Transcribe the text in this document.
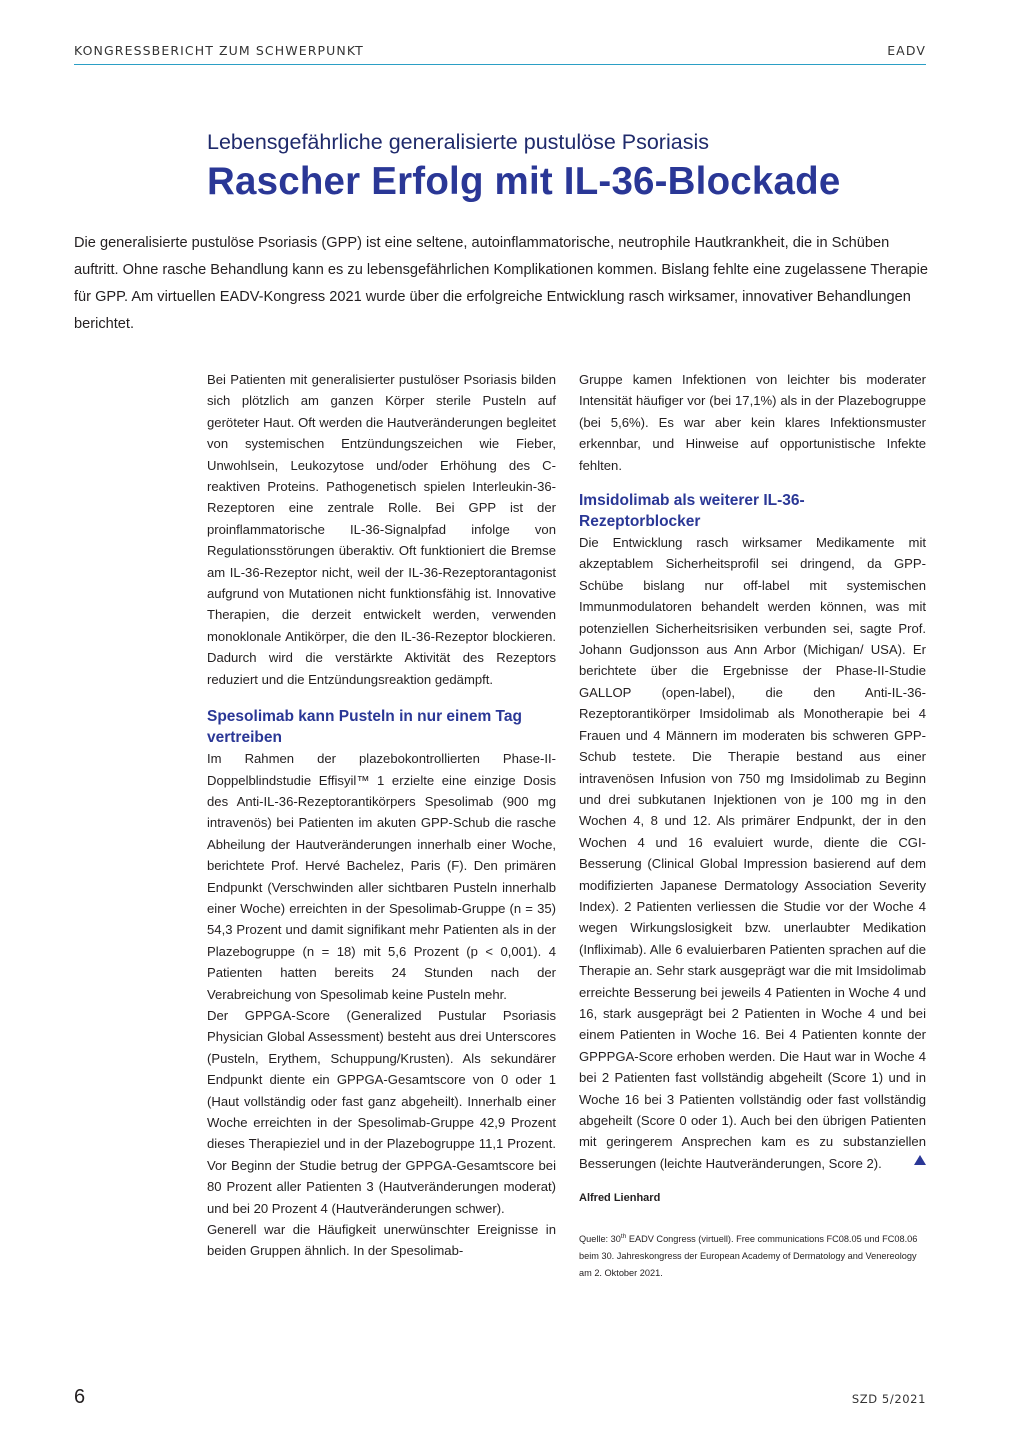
KONGRESSBERICHT ZUM SCHWERPUNKT	EADV
Lebensgefährliche generalisierte pustulöse Psoriasis
Rascher Erfolg mit IL-36-Blockade
Die generalisierte pustulöse Psoriasis (GPP) ist eine seltene, autoinflammatorische, neutrophile Hautkrankheit, die in Schüben auftritt. Ohne rasche Behandlung kann es zu lebensgefährlichen Komplikationen kommen. Bislang fehlte eine zugelassene Therapie für GPP. Am virtuellen EADV-Kongress 2021 wurde über die erfolgreiche Entwicklung rasch wirksamer, innovativer Behandlungen berichtet.

Bei Patienten mit generalisierter pustulöser Psoriasis bilden sich plötzlich am ganzen Körper sterile Pusteln auf geröteter Haut. Oft werden die Hautveränderungen begleitet von systemischen Entzündungszeichen wie Fieber, Unwohlsein, Leukozytose und/oder Erhöhung des C-reaktiven Proteins. Pathogenetisch spielen Interleukin-36-Rezeptoren eine zentrale Rolle. Bei GPP ist der proinflammatorische IL-36-Signalpfad infolge von Regulationsstörungen überaktiv. Oft funktioniert die Bremse am IL-36-Rezeptor nicht, weil der IL-36-Rezeptorantagonist aufgrund von Mutationen nicht funktionsfähig ist. Innovative Therapien, die derzeit entwickelt werden, verwenden monoklonale Antikörper, die den IL-36-Rezeptor blockieren. Dadurch wird die verstärkte Aktivität des Rezeptors reduziert und die Entzündungsreaktion gedämpft.

Spesolimab kann Pusteln in nur einem Tag vertreiben

Im Rahmen der plazebokontrollierten Phase-II-Doppelblindstudie Effisyil™ 1 erzielte eine einzige Dosis des Anti-IL-36-Rezeptorantikörpers Spesolimab (900 mg intravenös) bei Patienten im akuten GPP-Schub die rasche Abheilung der Hautveränderungen innerhalb einer Woche, berichtete Prof. Hervé Bachelez, Paris (F). Den primären Endpunkt (Verschwinden aller sichtbaren Pusteln innerhalb einer Woche) erreichten in der Spesolimab-Gruppe (n = 35) 54,3 Prozent und damit signifikant mehr Patienten als in der Plazebogruppe (n = 18) mit 5,6 Prozent (p < 0,001). 4 Patienten hatten bereits 24 Stunden nach der Verabreichung von Spesolimab keine Pusteln mehr.

Der GPPGA-Score (Generalized Pustular Psoriasis Physician Global Assessment) besteht aus drei Unterscores (Pusteln, Erythem, Schuppung/Krusten). Als sekundärer Endpunkt diente ein GPPGA-Gesamtscore von 0 oder 1 (Haut vollständig oder fast ganz abgeheilt). Innerhalb einer Woche erreichten in der Spesolimab-Gruppe 42,9 Prozent dieses Therapieziel und in der Plazebogruppe 11,1 Prozent. Vor Beginn der Studie betrug der GPPGA-Gesamtscore bei 80 Prozent aller Patienten 3 (Hautveränderungen moderat) und bei 20 Prozent 4 (Hautveränderungen schwer).

Generell war die Häufigkeit unerwünschter Ereignisse in beiden Gruppen ähnlich. In der Spesolimab-

Gruppe kamen Infektionen von leichter bis moderater Intensität häufiger vor (bei 17,1%) als in der Plazebogruppe (bei 5,6%). Es war aber kein klares Infektionsmuster erkennbar, und Hinweise auf opportunistische Infekte fehlten.

Imsidolimab als weiterer IL-36-Rezeptorblocker

Die Entwicklung rasch wirksamer Medikamente mit akzeptablem Sicherheitsprofil sei dringend, da GPP-Schübe bislang nur off-label mit systemischen Immunmodulatoren behandelt werden können, was mit potenziellen Sicherheitsrisiken verbunden sei, sagte Prof. Johann Gudjonsson aus Ann Arbor (Michigan/ USA). Er berichtete über die Ergebnisse der Phase-II-Studie GALLOP (open-label), die den Anti-IL-36-Rezeptorantikörper Imsidolimab als Monotherapie bei 4 Frauen und 4 Männern im moderaten bis schweren GPP-Schub testete. Die Therapie bestand aus einer intravenösen Infusion von 750 mg Imsidolimab zu Beginn und drei subkutanen Injektionen von je 100 mg in den Wochen 4, 8 und 12. Als primärer Endpunkt, der in den Wochen 4 und 16 evaluiert wurde, diente die CGI-Besserung (Clinical Global Impression basierend auf dem modifizierten Japanese Dermatology Association Severity Index). 2 Patienten verliessen die Studie vor der Woche 4 wegen Wirkungslosigkeit bzw. unerlaubter Medikation (Infliximab). Alle 6 evaluierbaren Patienten sprachen auf die Therapie an. Sehr stark ausgeprägt war die mit Imsidolimab erreichte Besserung bei jeweils 4 Patienten in Woche 4 und 16, stark ausgeprägt bei 2 Patienten in Woche 4 und bei einem Patienten in Woche 16. Bei 4 Patienten konnte der GPPPGA-Score erhoben werden. Die Haut war in Woche 4 bei 2 Patienten fast vollständig abgeheilt (Score 1) und in Woche 16 bei 3 Patienten vollständig oder fast vollständig abgeheilt (Score 0 oder 1). Auch bei den übrigen Patienten mit geringerem Ansprechen kam es zu substanziellen Besserungen (leichte Hautveränderungen, Score 2).

Alfred Lienhard
Quelle: 30th EADV Congress (virtuell). Free communications FC08.05 und FC08.06 beim 30. Jahreskongress der European Academy of Dermatology and Venereology am 2. Oktober 2021.
6	SZD 5/2021
